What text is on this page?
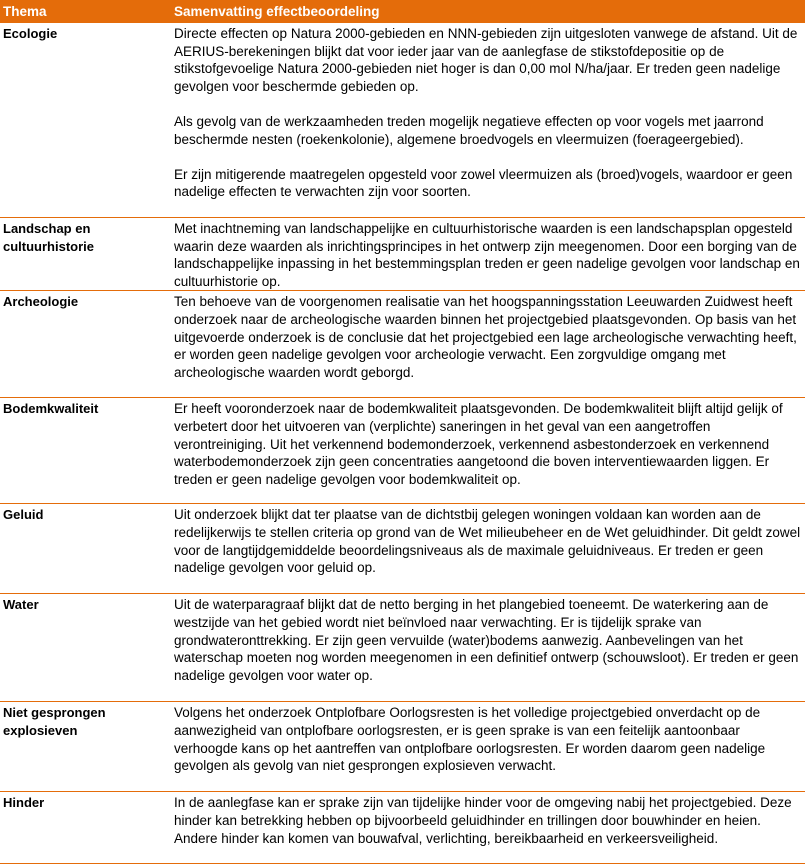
Thema	Samenvatting effectbeoordeling
Ecologie	Directe effecten op Natura 2000-gebieden en NNN-gebieden zijn uitgesloten vanwege de afstand. Uit de AERIUS-berekeningen blijkt dat voor ieder jaar van de aanlegfase de stikstofdepositie op de stikstofgevoelige Natura 2000-gebieden niet hoger is dan 0,00 mol N/ha/jaar. Er treden geen nadelige gevolgen voor beschermde gebieden op.

Als gevolg van de werkzaamheden treden mogelijk negatieve effecten op voor vogels met jaarrond beschermde nesten (roekenkolonie), algemene broedvogels en vleermuizen (foerageergebied).

Er zijn mitigerende maatregelen opgesteld voor zowel vleermuizen als (broed)vogels, waardoor er geen nadelige effecten te verwachten zijn voor soorten.

Landschap en cultuurhistorie	Met inachtneming van landschappelijke en cultuurhistorische waarden is een landschapsplan opgesteld waarin deze waarden als inrichtingsprincipes in het ontwerp zijn meegenomen. Door een borging van de landschappelijke inpassing in het bestemmingsplan treden er geen nadelige gevolgen voor landschap en cultuurhistorie op.

Archeologie	Ten behoeve van de voorgenomen realisatie van het hoogspanningsstation Leeuwarden Zuidwest heeft onderzoek naar de archeologische waarden binnen het projectgebied plaatsgevonden. Op basis van het uitgevoerde onderzoek is de conclusie dat het projectgebied een lage archeologische verwachting heeft, er worden geen nadelige gevolgen voor archeologie verwacht. Een zorgvuldige omgang met archeologische waarden wordt geborgd.

Bodemkwaliteit	Er heeft vooronderzoek naar de bodemkwaliteit plaatsgevonden. De bodemkwaliteit blijft altijd gelijk of verbetert door het uitvoeren van (verplichte) saneringen in het geval van een aangetroffen verontreiniging. Uit het verkennend bodemonderzoek, verkennend asbestonderzoek en verkennend waterbodemonderzoek zijn geen concentraties aangetoond die boven interventiewaarden liggen. Er treden er geen nadelige gevolgen voor bodemkwaliteit op.

Geluid	Uit onderzoek blijkt dat ter plaatse van de dichtstbij gelegen woningen voldaan kan worden aan de redelijkerwijs te stellen criteria op grond van de Wet milieubeheer en de Wet geluidhinder. Dit geldt zowel voor de langtijdgemiddelde beoordelingsniveaus als de maximale geluidniveaus. Er treden er geen nadelige gevolgen voor geluid op.

Water	Uit de waterparagraaf blijkt dat de netto berging in het plangebied toeneemt. De waterkering aan de westzijde van het gebied wordt niet beïnvloed naar verwachting. Er is tijdelijk sprake van grondwateronttrekking. Er zijn geen vervuilde (water)bodems aanwezig. Aanbevelingen van het waterschap moeten nog worden meegenomen in een definitief ontwerp (schouwsloot). Er treden er geen nadelige gevolgen voor water op.

Niet gesprongen explosieven	Volgens het onderzoek Ontplofbare Oorlogsresten is het volledige projectgebied onverdacht op de aanwezigheid van ontplofbare oorlogsresten, er is geen sprake is van een feitelijk aantoonbaar verhoogde kans op het aantreffen van ontplofbare oorlogsresten. Er worden daarom geen nadelige gevolgen als gevolg van niet gesprongen explosieven verwacht.

Hinder	In de aanlegfase kan er sprake zijn van tijdelijke hinder voor de omgeving nabij het projectgebied. Deze hinder kan betrekking hebben op bijvoorbeeld geluidhinder en trillingen door bouwhinder en heien. Andere hinder kan komen van bouwafval, verlichting, bereikbaarheid en verkeersveiligheid.
